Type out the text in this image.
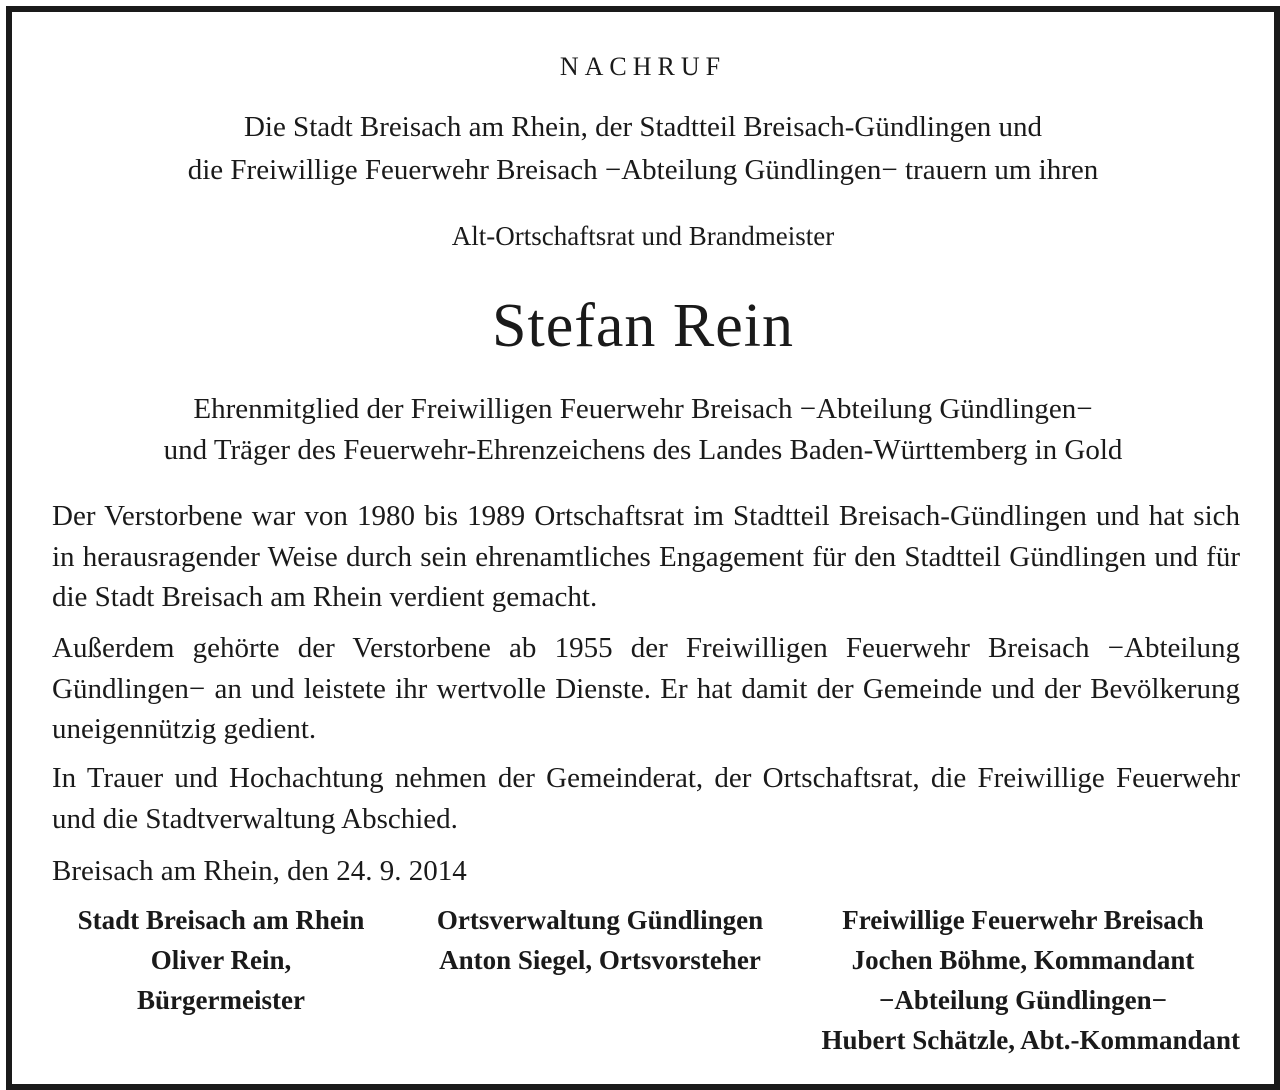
NACHRUF
Die Stadt Breisach am Rhein, der Stadtteil Breisach-Gündlingen und
die Freiwillige Feuerwehr Breisach −Abteilung Gündlingen− trauern um ihren
Alt-Ortschaftsrat und Brandmeister
Stefan Rein
Ehrenmitglied der Freiwilligen Feuerwehr Breisach −Abteilung Gündlingen−
und Träger des Feuerwehr-Ehrenzeichens des Landes Baden-Württemberg in Gold
Der Verstorbene war von 1980 bis 1989 Ortschaftsrat im Stadtteil Breisach-Gündlingen und hat sich in herausragender Weise durch sein ehrenamtliches Engagement für den Stadtteil Gündlingen und für die Stadt Breisach am Rhein verdient gemacht.
Außerdem gehörte der Verstorbene ab 1955 der Freiwilligen Feuerwehr Breisach −Abteilung Gündlingen− an und leistete ihr wertvolle Dienste. Er hat damit der Gemeinde und der Bevölkerung uneigennützig gedient.
In Trauer und Hochachtung nehmen der Gemeinderat, der Ortschaftsrat, die Freiwillige Feuerwehr und die Stadtverwaltung Abschied.
Breisach am Rhein, den 24. 9. 2014
Stadt Breisach am Rhein
Oliver Rein,
Bürgermeister
Ortsverwaltung Gündlingen
Anton Siegel, Ortsvorsteher
Freiwillige Feuerwehr Breisach
Jochen Böhme, Kommandant
−Abteilung Gündlingen−
Hubert Schätzle, Abt.-Kommandant
